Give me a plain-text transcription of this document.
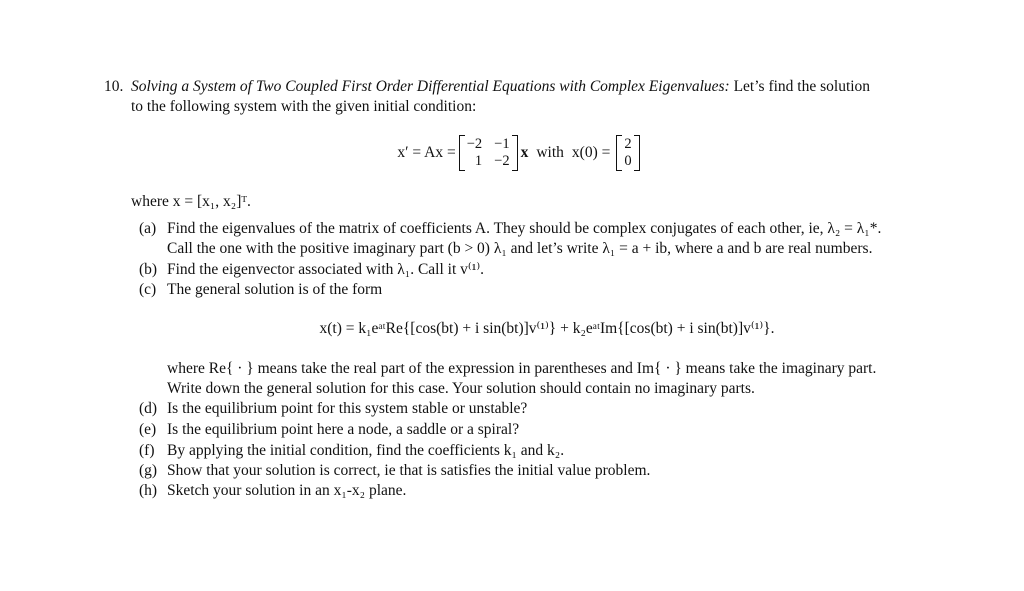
10. Solving a System of Two Coupled First Order Differential Equations with Complex Eigenvalues: Let’s find the solution
to the following system with the given initial condition:
x′ = Ax = −2 −1
1 −2 x with x(0) = 2
0
where x = [x₁, x₂]ᵀ.
(a) Find the eigenvalues of the matrix of coefficients A. They should be complex conjugates of each other, ie, λ₂ = λ₁*.
Call the one with the positive imaginary part (b > 0) λ₁ and let’s write λ₁ = a + ib, where a and b are real numbers.
(b) Find the eigenvector associated with λ₁. Call it v⁽¹⁾.
(c) The general solution is of the form
x(t) = k₁eᵃᵗRe{[cos(bt) + i sin(bt)]v⁽¹⁾} + k₂eᵃᵗIm{[cos(bt) + i sin(bt)]v⁽¹⁾}.
where Re{ · } means take the real part of the expression in parentheses and Im{ · } means take the imaginary part.
Write down the general solution for this case. Your solution should contain no imaginary parts.
(d) Is the equilibrium point for this system stable or unstable?
(e) Is the equilibrium point here a node, a saddle or a spiral?
(f) By applying the initial condition, find the coefficients k₁ and k₂.
(g) Show that your solution is correct, ie that is satisfies the initial value problem.
(h) Sketch your solution in an x₁-x₂ plane.
